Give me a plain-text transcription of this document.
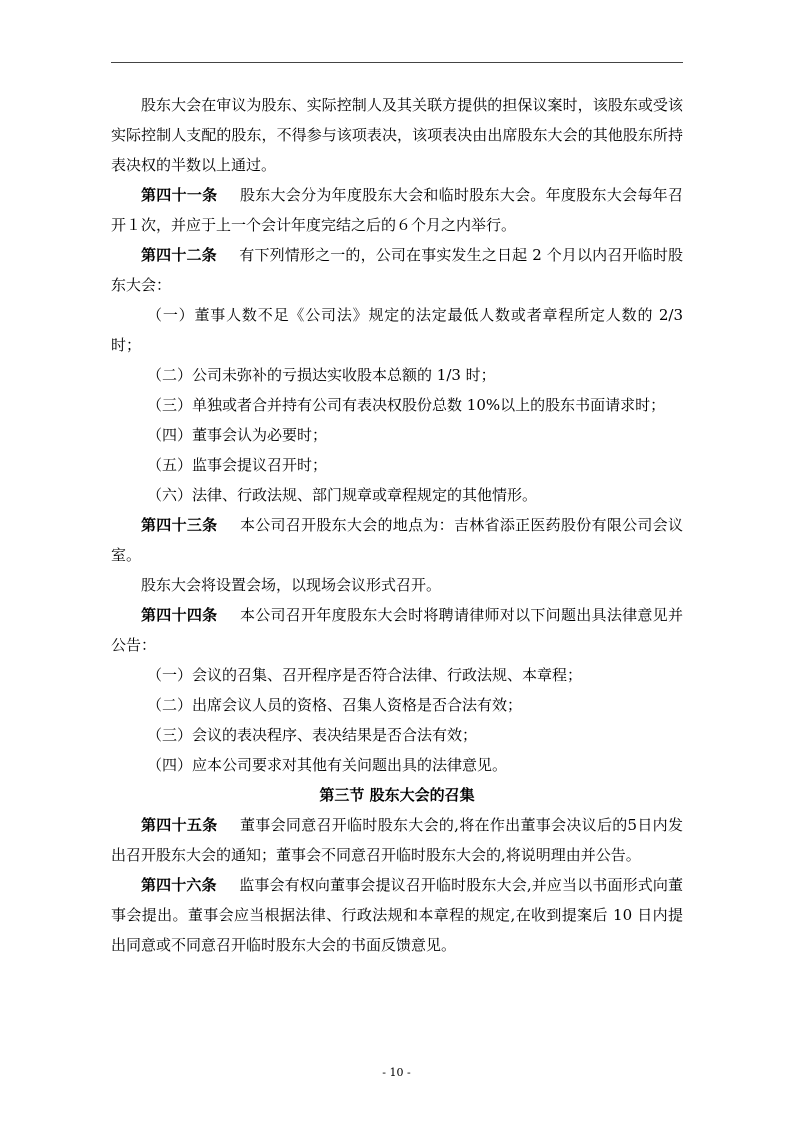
股东大会在审议为股东、实际控制人及其关联方提供的担保议案时，该股东或受该实际控制人支配的股东，不得参与该项表决，该项表决由出席股东大会的其他股东所持表决权的半数以上通过。

第四十一条 股东大会分为年度股东大会和临时股东大会。年度股东大会每年召开１次，并应于上一个会计年度完结之后的６个月之内举行。

第四十二条 有下列情形之一的，公司在事实发生之日起 2 个月以内召开临时股东大会：

（一）董事人数不足《公司法》规定的法定最低人数或者章程所定人数的 2/3 时；

（二）公司未弥补的亏损达实收股本总额的 1/3 时；

（三）单独或者合并持有公司有表决权股份总数 10%以上的股东书面请求时；

（四）董事会认为必要时；

（五）监事会提议召开时；

（六）法律、行政法规、部门规章或章程规定的其他情形。

第四十三条 本公司召开股东大会的地点为：吉林省添正医药股份有限公司会议室。

股东大会将设置会场，以现场会议形式召开。

第四十四条 本公司召开年度股东大会时将聘请律师对以下问题出具法律意见并公告：

（一）会议的召集、召开程序是否符合法律、行政法规、本章程；

（二）出席会议人员的资格、召集人资格是否合法有效；

（三）会议的表决程序、表决结果是否合法有效；

（四）应本公司要求对其他有关问题出具的法律意见。

第三节 股东大会的召集

第四十五条 董事会同意召开临时股东大会的,将在作出董事会决议后的5日内发出召开股东大会的通知；董事会不同意召开临时股东大会的,将说明理由并公告。

第四十六条 监事会有权向董事会提议召开临时股东大会,并应当以书面形式向董事会提出。董事会应当根据法律、行政法规和本章程的规定,在收到提案后 10 日内提出同意或不同意召开临时股东大会的书面反馈意见。

- 10 -
